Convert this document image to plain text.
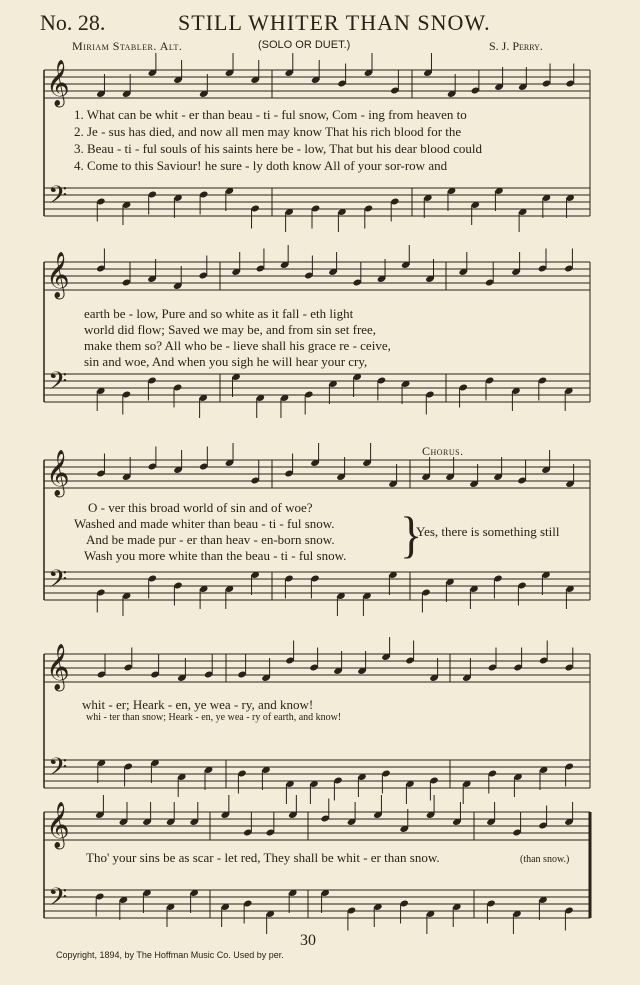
No. 28.	STILL WHITER THAN SNOW.
Miriam Stabler. Alt.	(SOLO OR DUET.)	S. J. Perry.
𝄞
𝄢
𝄞
𝄢
𝄞
𝄢
𝄞
𝄢
𝄞
𝄢
1. What can be whit - er than beau - ti - ful snow, Com - ing from heaven to
2. Je - sus has died, and now all men may know That his rich blood for the
3. Beau - ti - ful souls of his saints here be - low, That but his dear blood could
4. Come to this Saviour! he sure - ly doth know All of your sor-row and
earth be - low, Pure and so white as it fall - eth light
world did flow; Saved we may be, and from sin set free,
make them so? All who be - lieve shall his grace re - ceive,
sin and woe, And when you sigh he will hear your cry,
Chorus.
O - ver this broad world of sin and of woe?
Washed and made whiter than beau - ti - ful snow.
And be made pur - er than heav - en-born snow.
Wash you more white than the beau - ti - ful snow. }
Yes, there is something still
whit - er; Heark - en, ye wea - ry, and know!
whi - ter than snow; Heark - en, ye wea - ry of earth, and know!
Tho' your sins be as scar - let red, They shall be whit - er than snow.	(than snow.)
30
Copyright, 1894, by The Hoffman Music Co. Used by per.
